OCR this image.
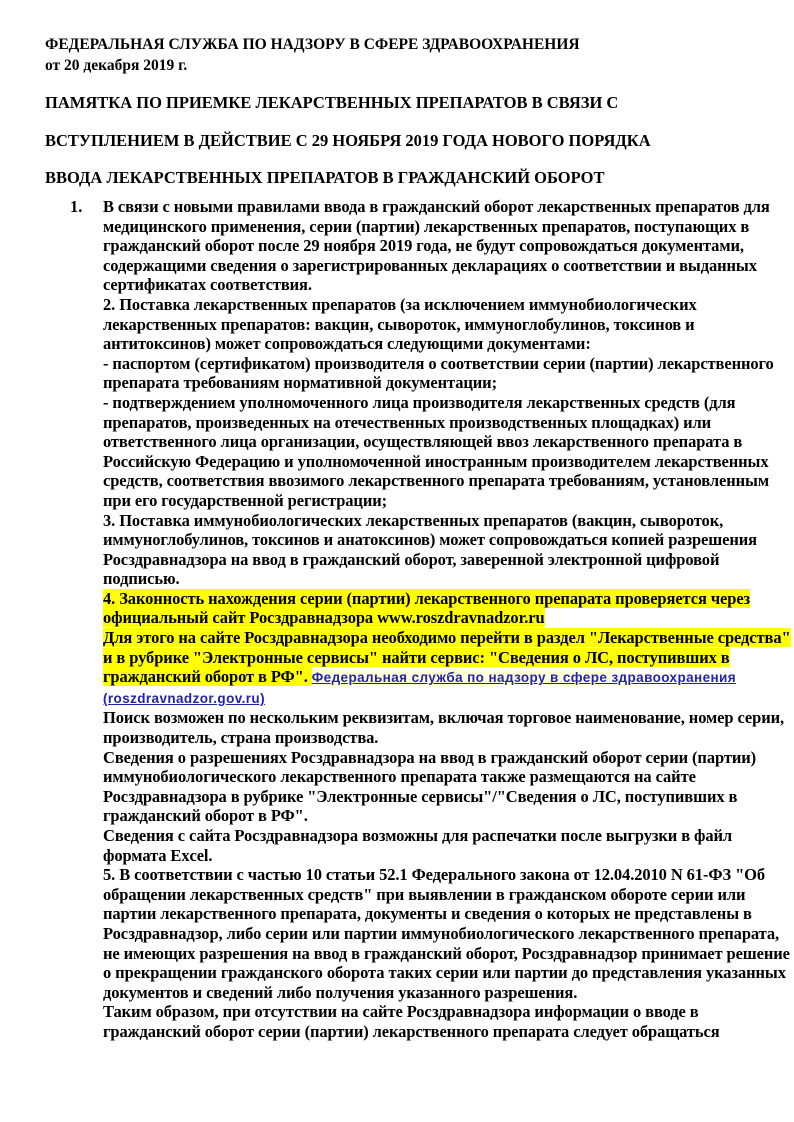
ФЕДЕРАЛЬНАЯ СЛУЖБА ПО НАДЗОРУ В СФЕРЕ ЗДРАВООХРАНЕНИЯ
от 20 декабря 2019 г.
ПАМЯТКА ПО ПРИЕМКЕ ЛЕКАРСТВЕННЫХ ПРЕПАРАТОВ В СВЯЗИ С
ВСТУПЛЕНИЕМ В ДЕЙСТВИЕ С 29 НОЯБРЯ 2019 ГОДА НОВОГО ПОРЯДКА
ВВОДА ЛЕКАРСТВЕННЫХ ПРЕПАРАТОВ В ГРАЖДАНСКИЙ ОБОРОТ
1. В связи с новыми правилами ввода в гражданский оборот лекарственных препаратов для медицинского применения, серии (партии) лекарственных препаратов, поступающих в гражданский оборот после 29 ноября 2019 года, не будут сопровождаться документами, содержащими сведения о зарегистрированных декларациях о соответствии и выданных сертификатах соответствия.

2. Поставка лекарственных препаратов (за исключением иммунобиологических лекарственных препаратов: вакцин, сывороток, иммуноглобулинов, токсинов и антитоксинов) может сопровождаться следующими документами:

- паспортом (сертификатом) производителя о соответствии серии (партии) лекарственного препарата требованиям нормативной документации;

- подтверждением уполномоченного лица производителя лекарственных средств (для препаратов, произведенных на отечественных производственных площадках) или ответственного лица организации, осуществляющей ввоз лекарственного препарата в Российскую Федерацию и уполномоченной иностранным производителем лекарственных средств, соответствия ввозимого лекарственного препарата требованиям, установленным при его государственной регистрации;

3. Поставка иммунобиологических лекарственных препаратов (вакцин, сывороток, иммуноглобулинов, токсинов и анатоксинов) может сопровождаться копией разрешения Росздравнадзора на ввод в гражданский оборот, заверенной электронной цифровой подписью.

4. Законность нахождения серии (партии) лекарственного препарата проверяется через официальный сайт Росздравнадзора www.roszdravnadzor.ru

Для этого на сайте Росздравнадзора необходимо перейти в раздел "Лекарственные средства" и в рубрике "Электронные сервисы" найти сервис: "Сведения о ЛС, поступивших в гражданский оборот в РФ". Федеральная служба по надзору в сфере здравоохранения (roszdravnadzor.gov.ru)

Поиск возможен по нескольким реквизитам, включая торговое наименование, номер серии, производитель, страна производства.

Сведения о разрешениях Росздравнадзора на ввод в гражданский оборот серии (партии) иммунобиологического лекарственного препарата также размещаются на сайте Росздравнадзора в рубрике "Электронные сервисы"/"Сведения о ЛС, поступивших в гражданский оборот в РФ".

Сведения с сайта Росздравнадзора возможны для распечатки после выгрузки в файл формата Excel.

5. В соответствии с частью 10 статьи 52.1 Федерального закона от 12.04.2010 N 61-ФЗ "Об обращении лекарственных средств" при выявлении в гражданском обороте серии или партии лекарственного препарата, документы и сведения о которых не представлены в Росздравнадзор, либо серии или партии иммунобиологического лекарственного препарата, не имеющих разрешения на ввод в гражданский оборот, Росздравнадзор принимает решение о прекращении гражданского оборота таких серии или партии до представления указанных документов и сведений либо получения указанного разрешения.

Таким образом, при отсутствии на сайте Росздравнадзора информации о вводе в гражданский оборот серии (партии) лекарственного препарата следует обращаться
